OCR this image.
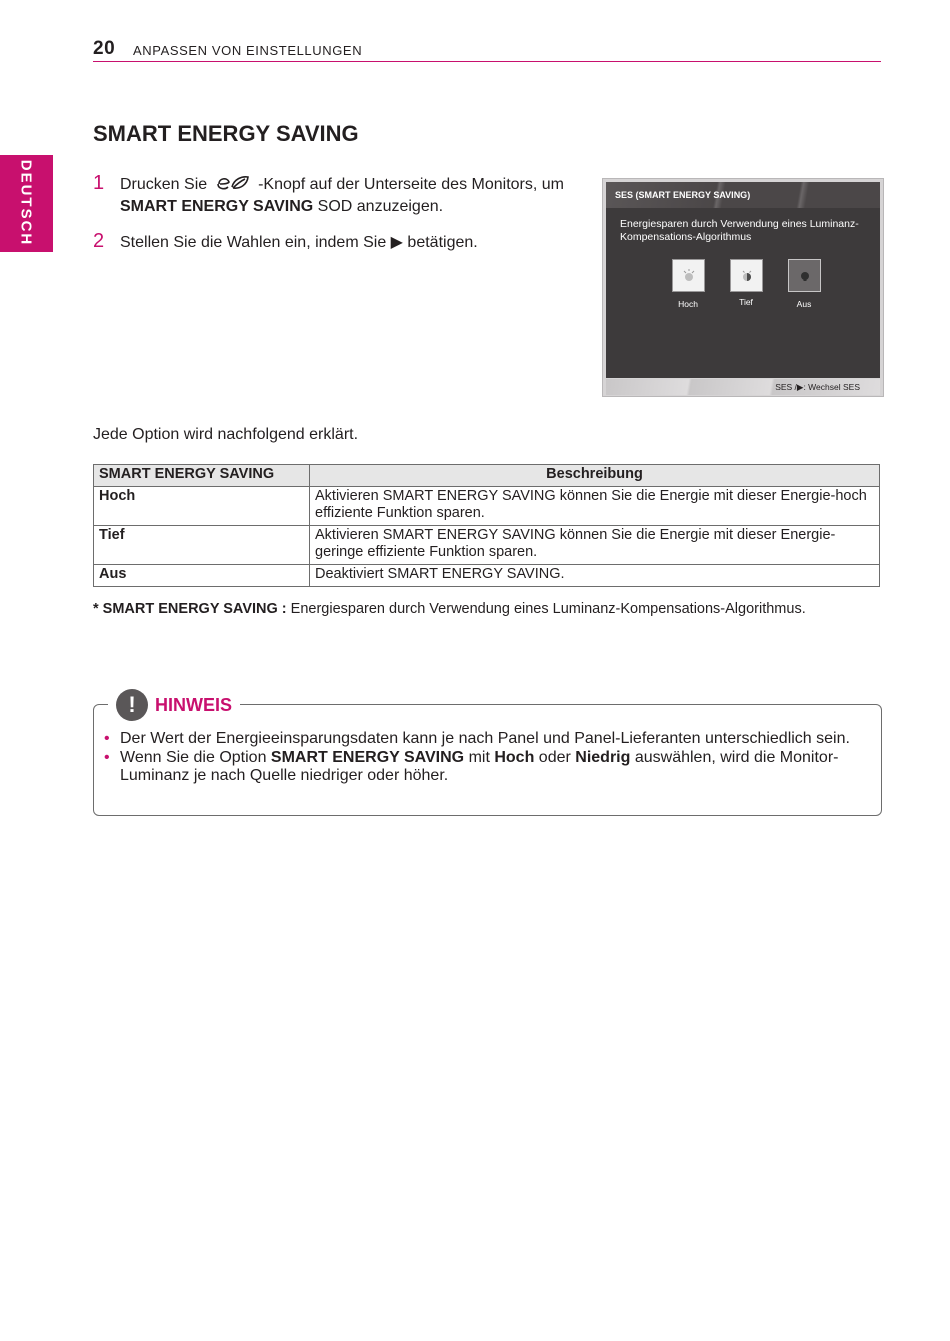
20 ANPASSEN VON EINSTELLUNGEN
DEUTSCH
SMART ENERGY SAVING
1 Drucken Sie	-Knopf auf der Unterseite des Monitors, um
SMART ENERGY SAVING SOD anzuzeigen.
2 Stellen Sie die Wahlen ein, indem Sie ▶ betätigen.
SES (SMART ENERGY SAVING)
Energiesparen durch Verwendung eines Luminanz-Kompensations-Algorithmus
Hoch	Tief	Aus
SES /▶: Wechsel SES

Jede Option wird nachfolgend erklärt.

SMART ENERGY SAVING	Beschreibung
Hoch	Aktivieren SMART ENERGY SAVING können Sie die Energie mit dieser Energie-hoch effiziente Funktion sparen.
Tief	Aktivieren SMART ENERGY SAVING können Sie die Energie mit dieser Energie-geringe effiziente Funktion sparen.
Aus	Deaktiviert SMART ENERGY SAVING.

* SMART ENERGY SAVING : Energiesparen durch Verwendung eines Luminanz-Kompensations-Algorithmus.

!	HINWEIS
• Der Wert der Energieeinsparungsdaten kann je nach Panel und Panel-Lieferanten unterschiedlich sein.
• Wenn Sie die Option SMART ENERGY SAVING mit Hoch oder Niedrig auswählen, wird die Monitor-Luminanz je nach Quelle niedriger oder höher.
